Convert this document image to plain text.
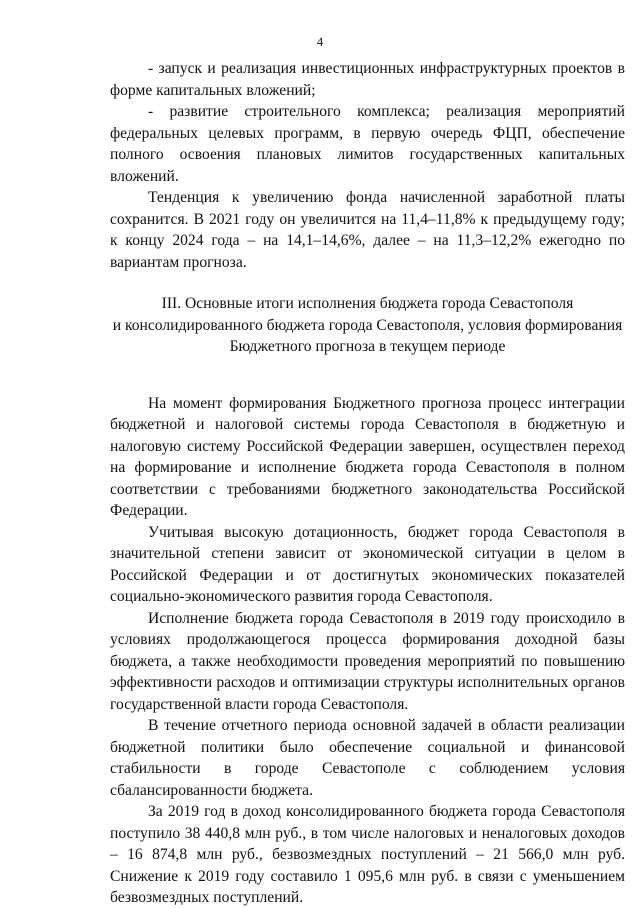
4

- запуск и реализация инвестиционных инфраструктурных проектов в форме капитальных вложений;

- развитие строительного комплекса; реализация мероприятий федеральных целевых программ, в первую очередь ФЦП, обеспечение полного освоения плановых лимитов государственных капитальных вложений.

Тенденция к увеличению фонда начисленной заработной платы сохранится. В 2021 году он увеличится на 11,4–11,8% к предыдущему году; к концу 2024 года – на 14,1–14,6%, далее – на 11,3–12,2% ежегодно по вариантам прогноза.

III. Основные итоги исполнения бюджета города Севастополя
и консолидированного бюджета города Севастополя, условия формирования
Бюджетного прогноза в текущем периоде

На момент формирования Бюджетного прогноза процесс интеграции бюджетной и налоговой системы города Севастополя в бюджетную и налоговую систему Российской Федерации завершен, осуществлен переход на формирование и исполнение бюджета города Севастополя в полном соответствии с требованиями бюджетного законодательства Российской Федерации.

Учитывая высокую дотационность, бюджет города Севастополя в значительной степени зависит от экономической ситуации в целом в Российской Федерации и от достигнутых экономических показателей социально-экономического развития города Севастополя.

Исполнение бюджета города Севастополя в 2019 году происходило в условиях продолжающегося процесса формирования доходной базы бюджета, а также необходимости проведения мероприятий по повышению эффективности расходов и оптимизации структуры исполнительных органов государственной власти города Севастополя.

В течение отчетного периода основной задачей в области реализации бюджетной политики было обеспечение социальной и финансовой стабильности в городе Севастополе с соблюдением условия сбалансированности бюджета.

За 2019 год в доход консолидированного бюджета города Севастополя поступило 38 440,8 млн руб., в том числе налоговых и неналоговых доходов – 16 874,8 млн руб., безвозмездных поступлений – 21 566,0 млн руб. Снижение к 2019 году составило 1 095,6 млн руб. в связи с уменьшением безвозмездных поступлений.
